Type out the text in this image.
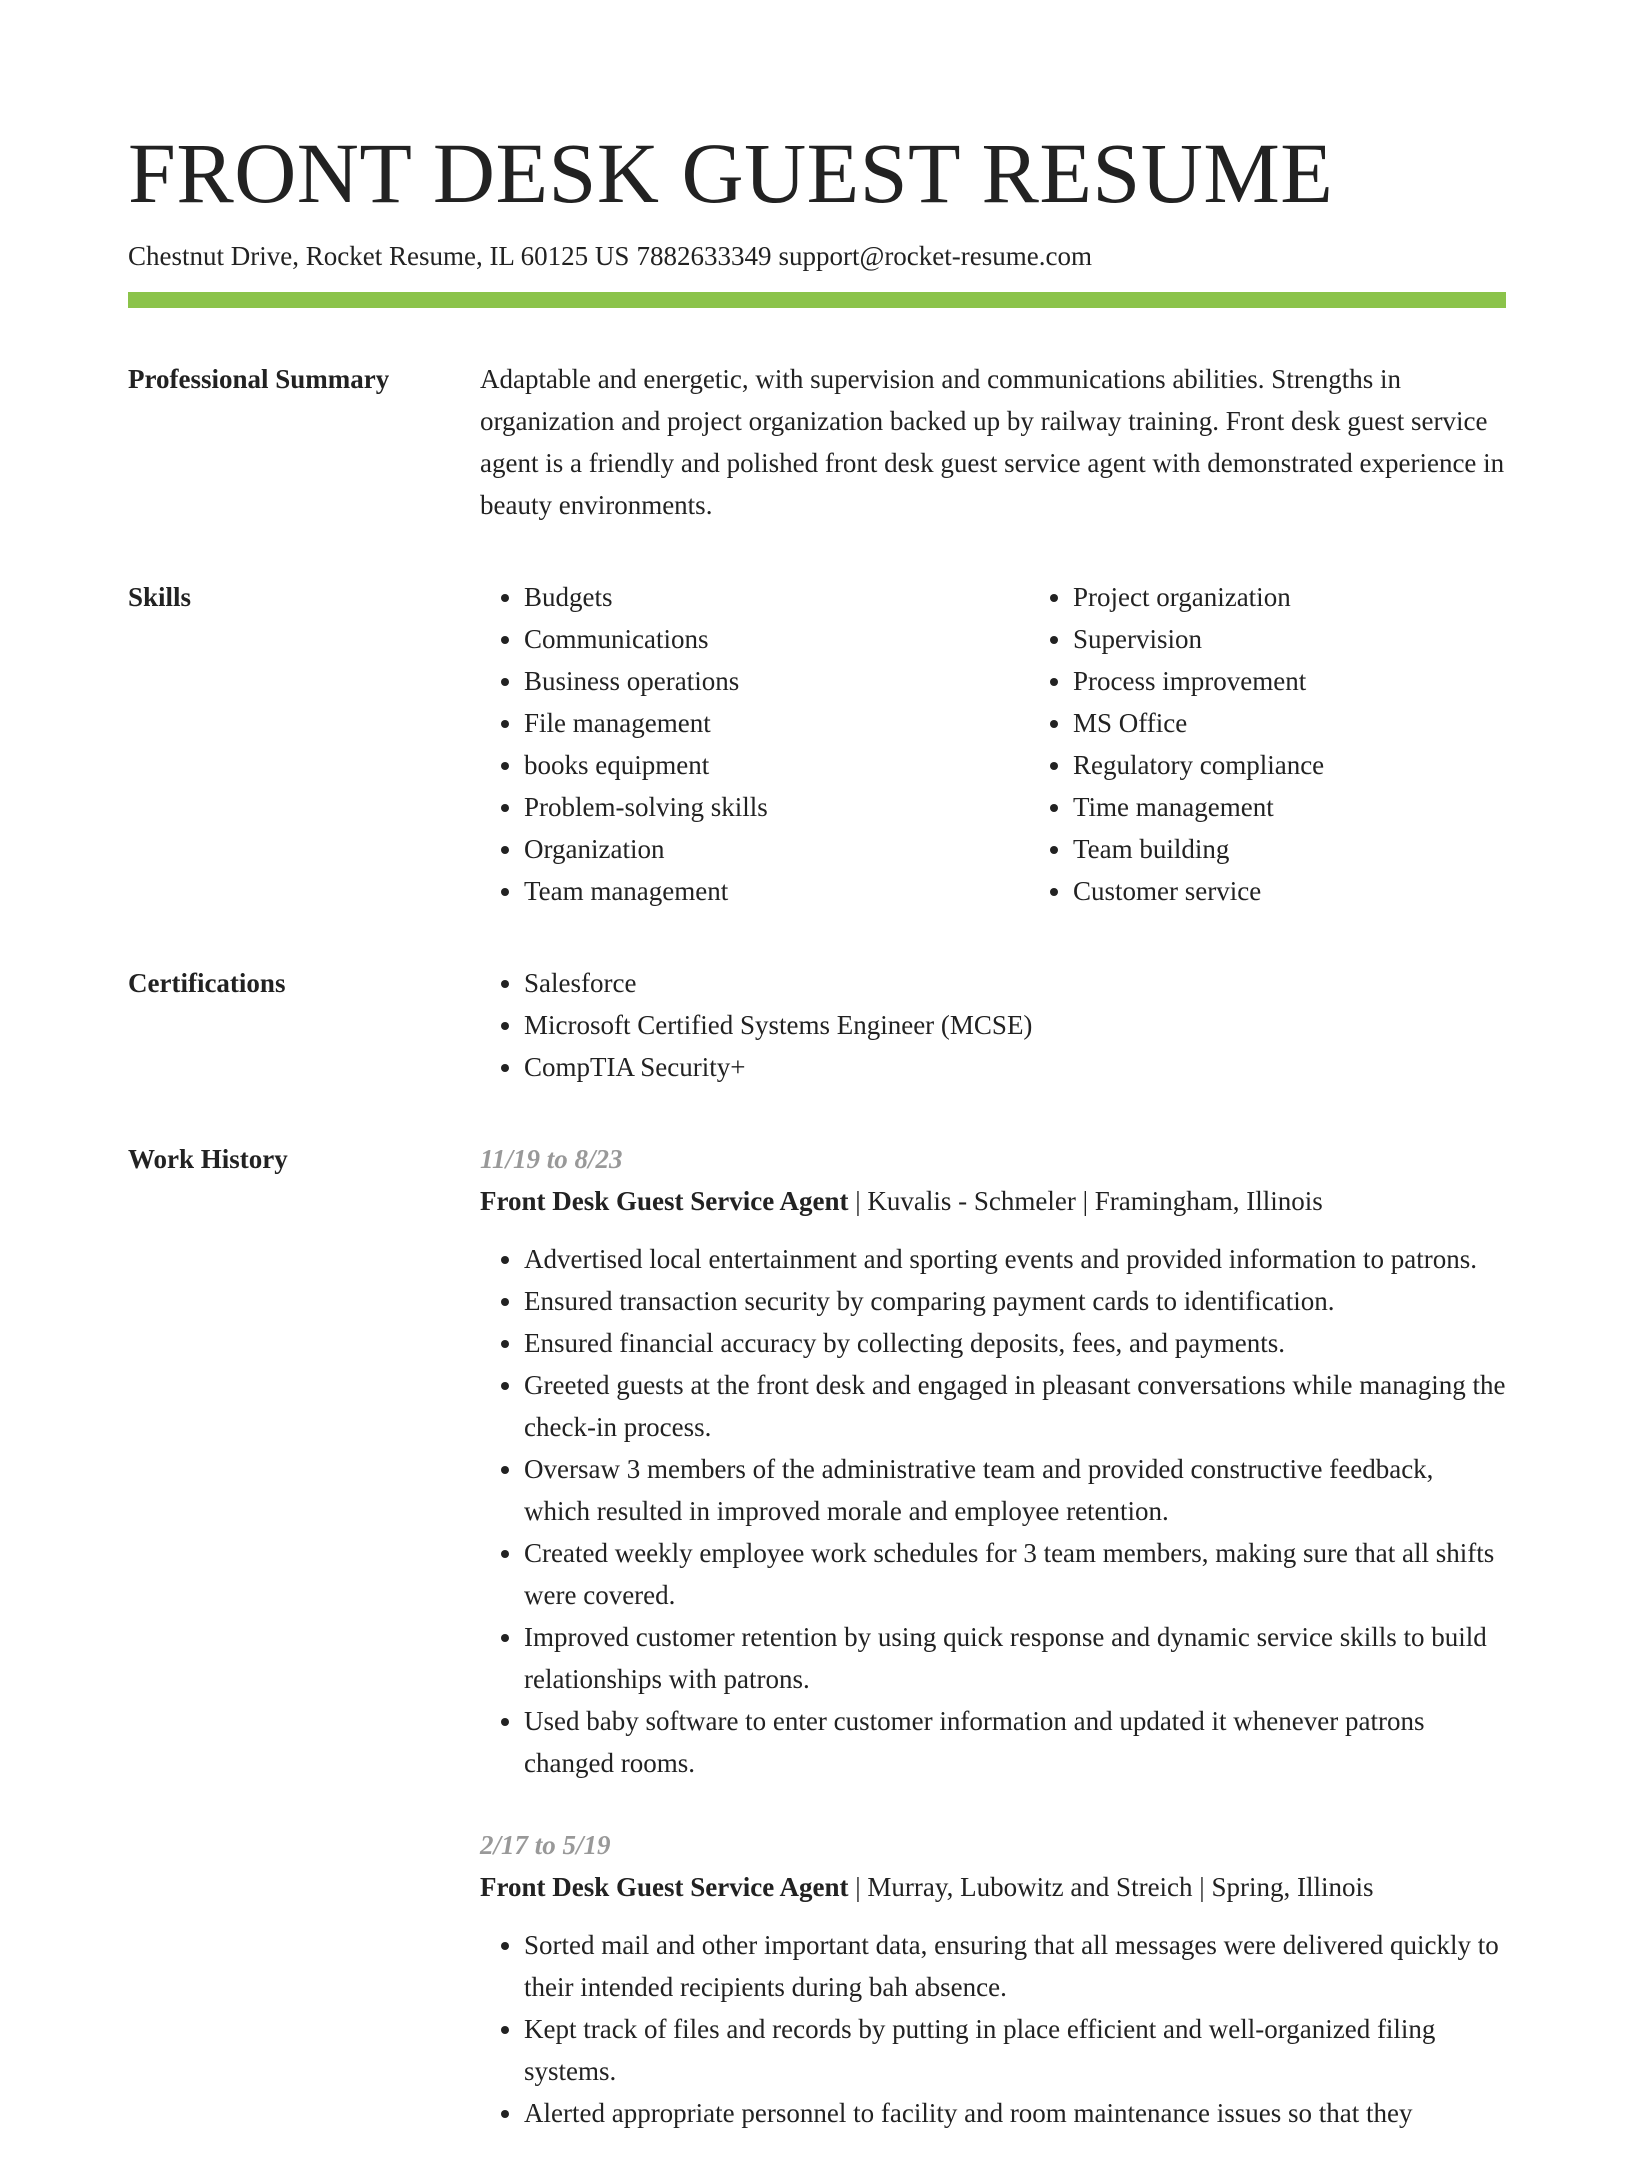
FRONT DESK GUEST RESUME
Chestnut Drive, Rocket Resume, IL 60125 US 7882633349 support@rocket-resume.com
Professional Summary	Adaptable and energetic, with supervision and communications abilities. Strengths in organization and project organization backed up by railway training. Front desk guest service agent is a friendly and polished front desk guest service agent with demonstrated experience in beauty environments.

Skills	• Budgets
• Communications
• Business operations
• File management
• books equipment
• Problem-solving skills
• Organization
• Team management
• Project organization
• Supervision
• Process improvement
• MS Office
• Regulatory compliance
• Time management
• Team building
• Customer service
Certifications	• Salesforce
• Microsoft Certified Systems Engineer (MCSE)
• CompTIA Security+
Work History	11/19 to 8/23
Front Desk Guest Service Agent | Kuvalis - Schmeler | Framingham, Illinois
• Advertised local entertainment and sporting events and provided information to patrons.
• Ensured transaction security by comparing payment cards to identification.
• Ensured financial accuracy by collecting deposits, fees, and payments.
• Greeted guests at the front desk and engaged in pleasant conversations while managing the check-in process.
• Oversaw 3 members of the administrative team and provided constructive feedback, which resulted in improved morale and employee retention.
• Created weekly employee work schedules for 3 team members, making sure that all shifts were covered.
• Improved customer retention by using quick response and dynamic service skills to build relationships with patrons.
• Used baby software to enter customer information and updated it whenever patrons changed rooms.
2/17 to 5/19
Front Desk Guest Service Agent | Murray, Lubowitz and Streich | Spring, Illinois
• Sorted mail and other important data, ensuring that all messages were delivered quickly to their intended recipients during bah absence.
• Kept track of files and records by putting in place efficient and well-organized filing systems.
• Alerted appropriate personnel to facility and room maintenance issues so that they
